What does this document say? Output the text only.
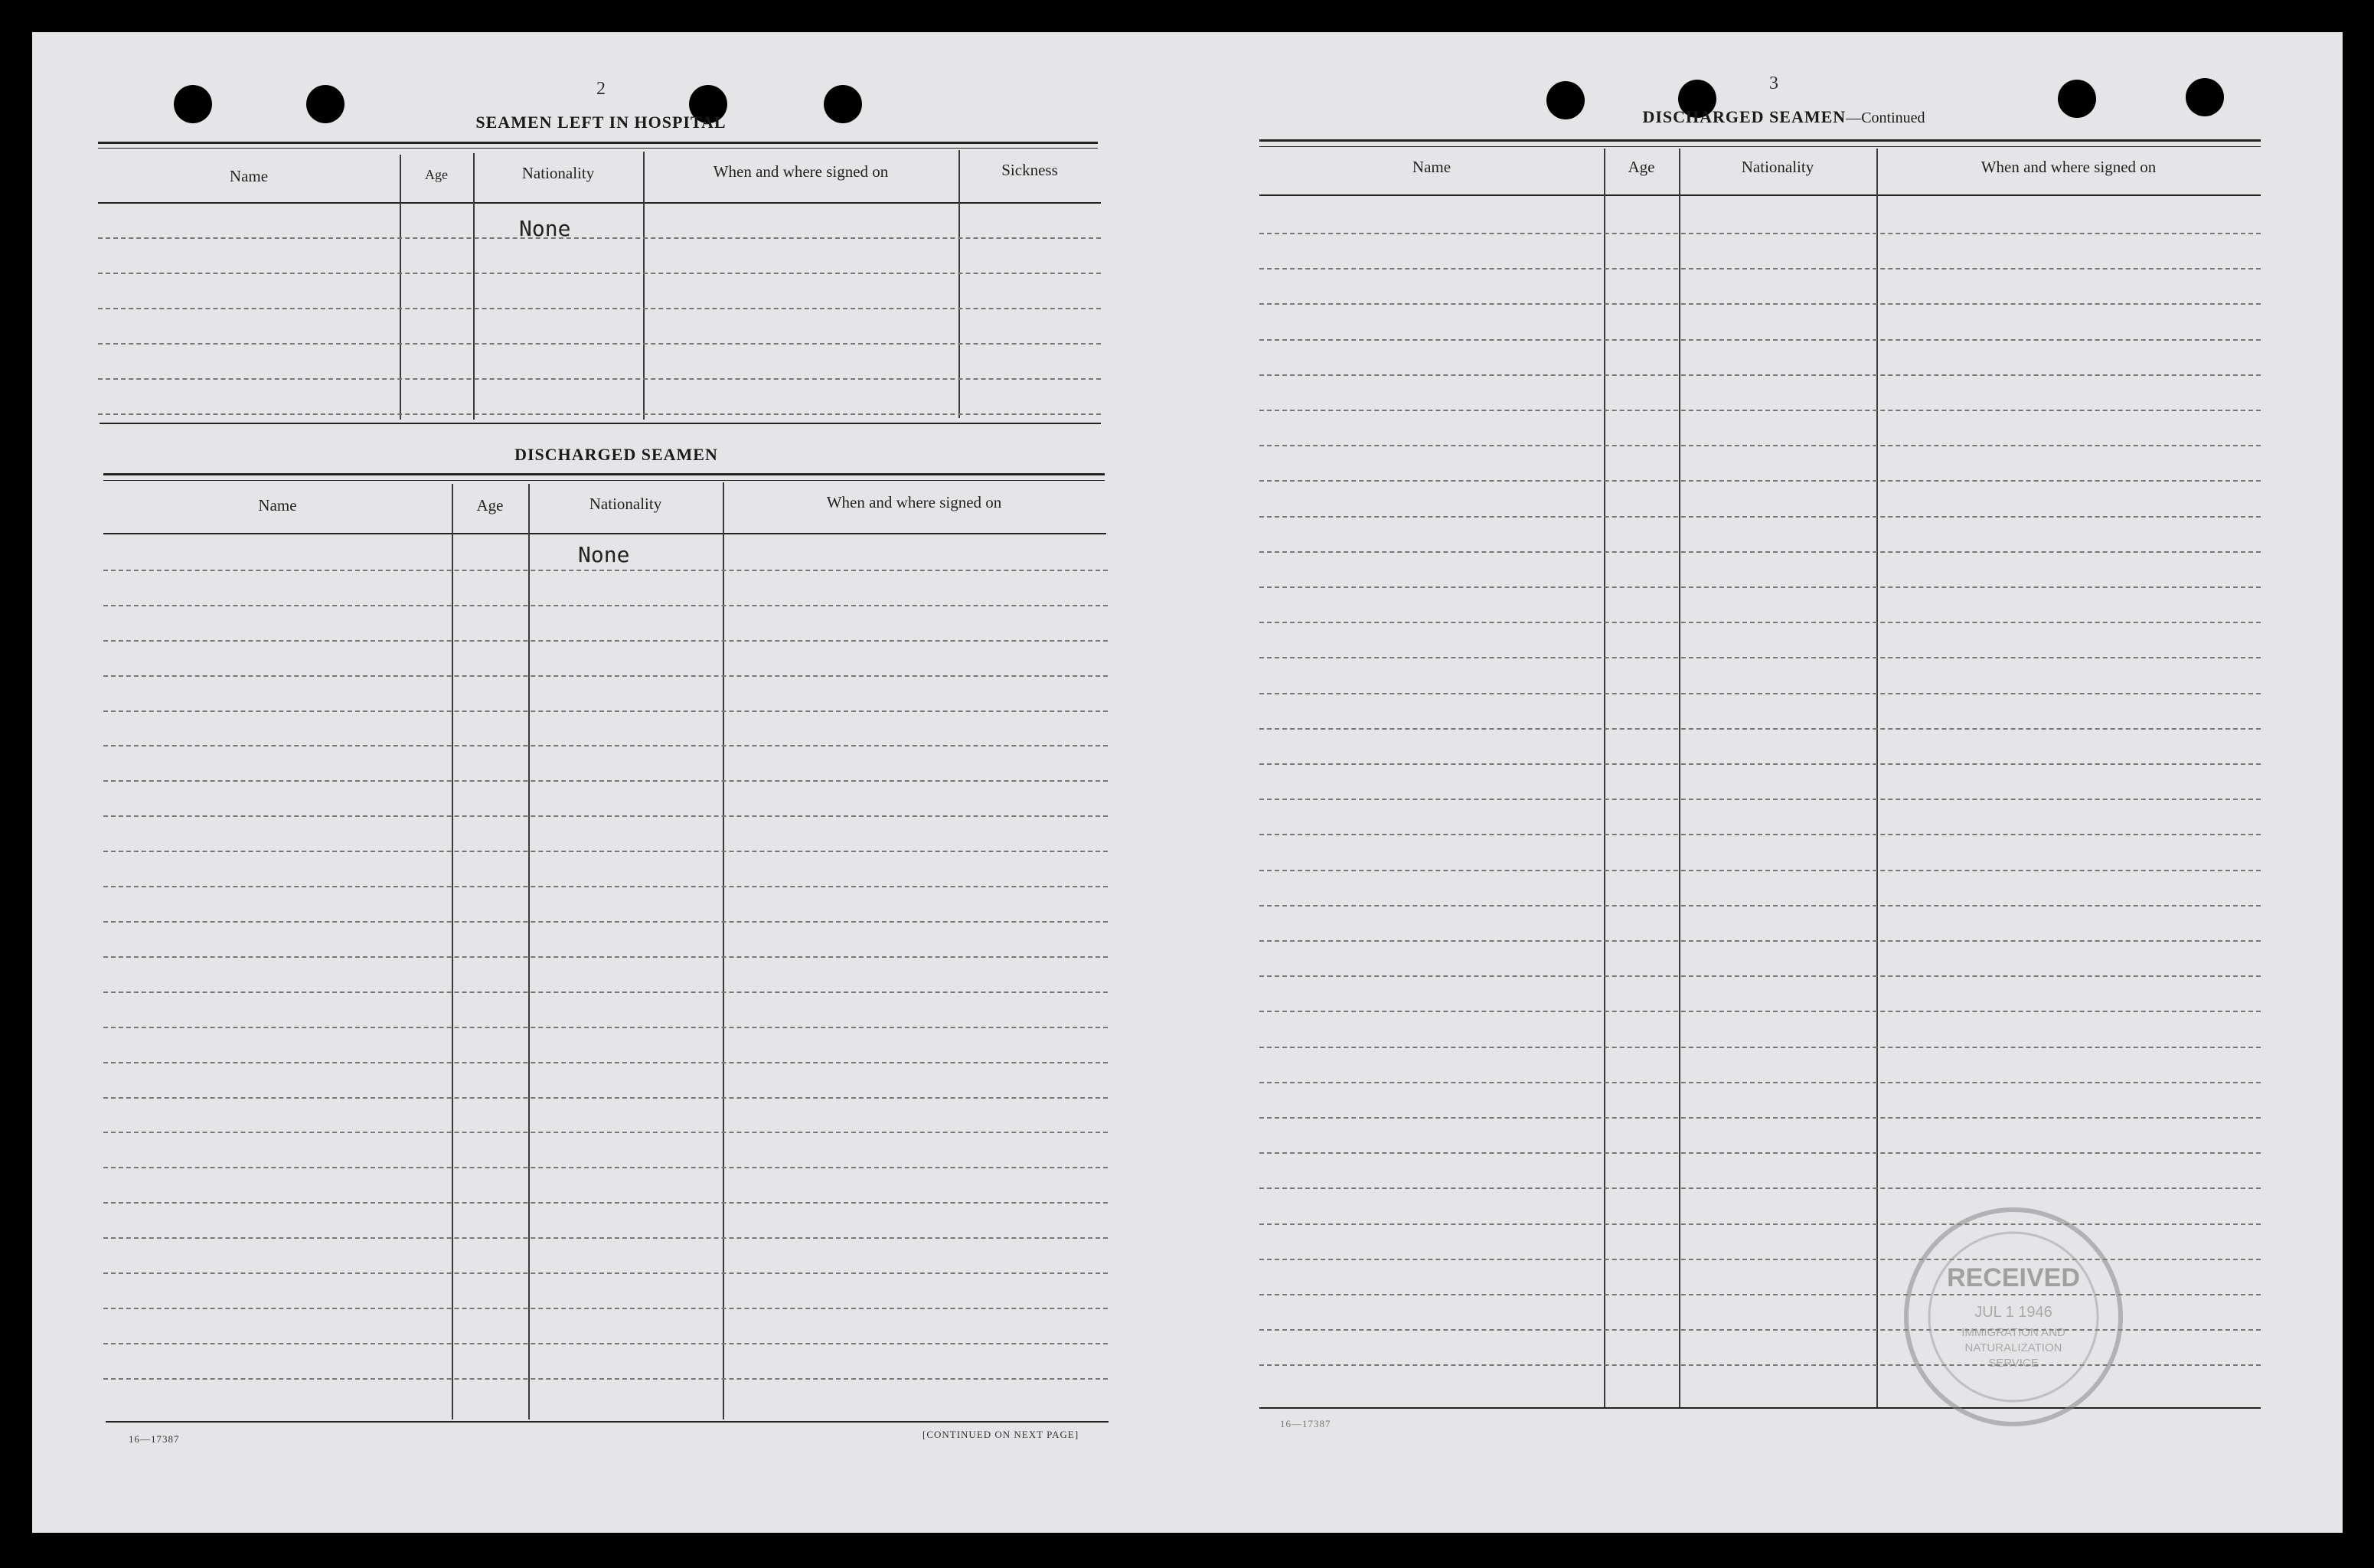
2
SEAMEN LEFT IN HOSPITAL
Name	Age	Nationality	When and where signed on	Sickness
None
DISCHARGED SEAMEN
Name	Age	Nationality	When and where signed on
None
16—17387	[CONTINUED ON NEXT PAGE]
3
DISCHARGED SEAMEN—Continued
Name	Age	Nationality	When and where signed on
16—17387
RECEIVED
JUL 1 1946
IMMIGRATION AND
NATURALIZATION
SERVICE
